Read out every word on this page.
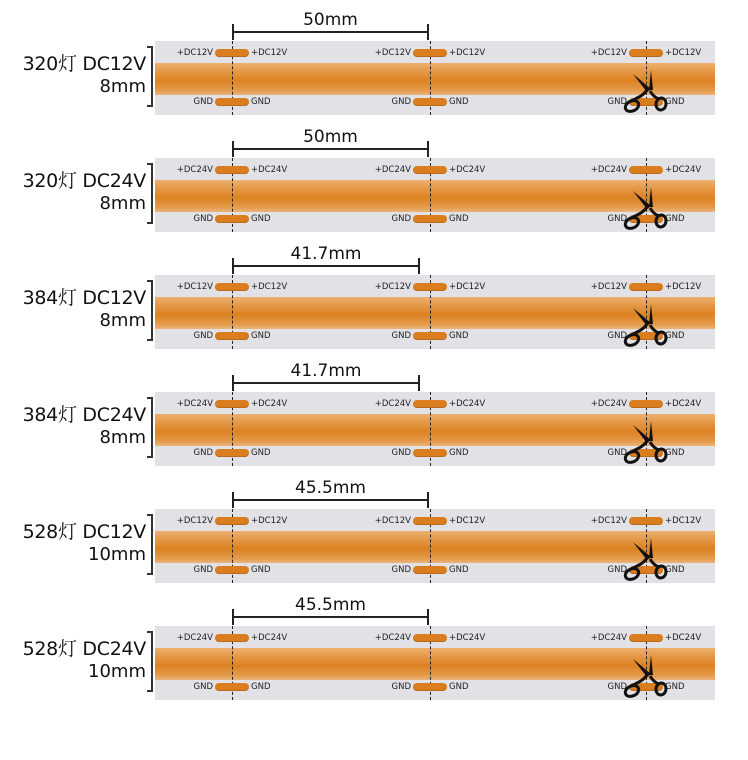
50mm
320灯 DC12V
8mm
+DC12V	+DC12V
GND	GND
+DC12V	+DC12V
GND	GND
+DC12V	+DC12V
GND	GND
50mm
320灯 DC24V
8mm
+DC24V	+DC24V
GND	GND
+DC24V	+DC24V
GND	GND
+DC24V	+DC24V
GND	GND
41.7mm
384灯 DC12V
8mm
+DC12V	+DC12V
GND	GND
+DC12V	+DC12V
GND	GND
+DC12V	+DC12V
GND	GND
41.7mm
384灯 DC24V
8mm
+DC24V	+DC24V
GND	GND
+DC24V	+DC24V
GND	GND
+DC24V	+DC24V
GND	GND
45.5mm
528灯 DC12V
10mm
+DC12V	+DC12V
GND	GND
+DC12V	+DC12V
GND	GND
+DC12V	+DC12V
GND	GND
45.5mm
528灯 DC24V
10mm
+DC24V	+DC24V
GND	GND
+DC24V	+DC24V
GND	GND
+DC24V	+DC24V
GND	GND
